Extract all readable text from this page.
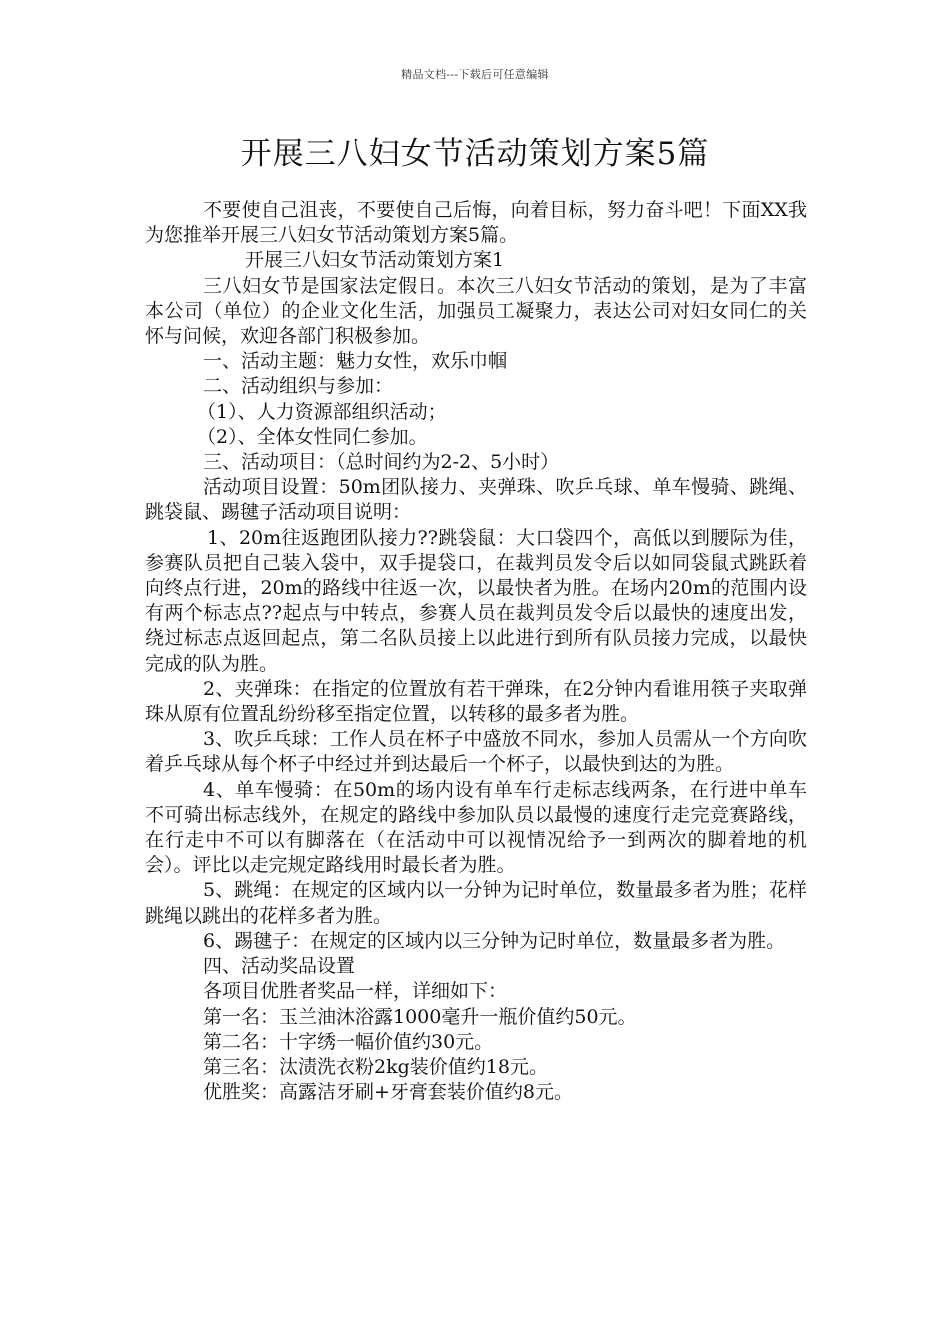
精品文档---下载后可任意编辑
开展三八妇女节活动策划方案5篇

不要使自己沮丧，不要使自己后悔，向着目标，努力奋斗吧！下面XX我为您推举开展三八妇女节活动策划方案5篇。

开展三八妇女节活动策划方案1

三八妇女节是国家法定假日。本次三八妇女节活动的策划，是为了丰富本公司（单位）的企业文化生活，加强员工凝聚力，表达公司对妇女同仁的关怀与问候，欢迎各部门积极参加。

一、活动主题：魅力女性，欢乐巾帼

二、活动组织与参加：

（1）、人力资源部组织活动；

（2）、全体女性同仁参加。

三、活动项目：（总时间约为2-2、5小时）

活动项目设置：50m团队接力、夹弹珠、吹乒乓球、单车慢骑、跳绳、跳袋鼠、踢毽子活动项目说明：

1、20m往返跑团队接力??跳袋鼠：大口袋四个，高低以到腰际为佳，参赛队员把自己装入袋中，双手提袋口，在裁判员发令后以如同袋鼠式跳跃着向终点行进，20m的路线中往返一次，以最快者为胜。在场内20m的范围内设有两个标志点??起点与中转点，参赛人员在裁判员发令后以最快的速度出发，绕过标志点返回起点，第二名队员接上以此进行到所有队员接力完成，以最快完成的队为胜。

2、夹弹珠：在指定的位置放有若干弹珠，在2分钟内看谁用筷子夹取弹珠从原有位置乱纷纷移至指定位置，以转移的最多者为胜。

3、吹乒乓球：工作人员在杯子中盛放不同水，参加人员需从一个方向吹着乒乓球从每个杯子中经过并到达最后一个杯子，以最快到达的为胜。

4、单车慢骑：在50m的场内设有单车行走标志线两条，在行进中单车不可骑出标志线外，在规定的路线中参加队员以最慢的速度行走完竞赛路线，在行走中不可以有脚落在（在活动中可以视情况给予一到两次的脚着地的机会）。评比以走完规定路线用时最长者为胜。

5、跳绳：在规定的区域内以一分钟为记时单位，数量最多者为胜；花样跳绳以跳出的花样多者为胜。

6、踢毽子：在规定的区域内以三分钟为记时单位，数量最多者为胜。

四、活动奖品设置

各项目优胜者奖品一样，详细如下：

第一名：玉兰油沐浴露1000毫升一瓶价值约50元。

第二名：十字绣一幅价值约30元。

第三名：汰渍洗衣粉2kg装价值约18元。

优胜奖：高露洁牙刷+牙膏套装价值约8元。
